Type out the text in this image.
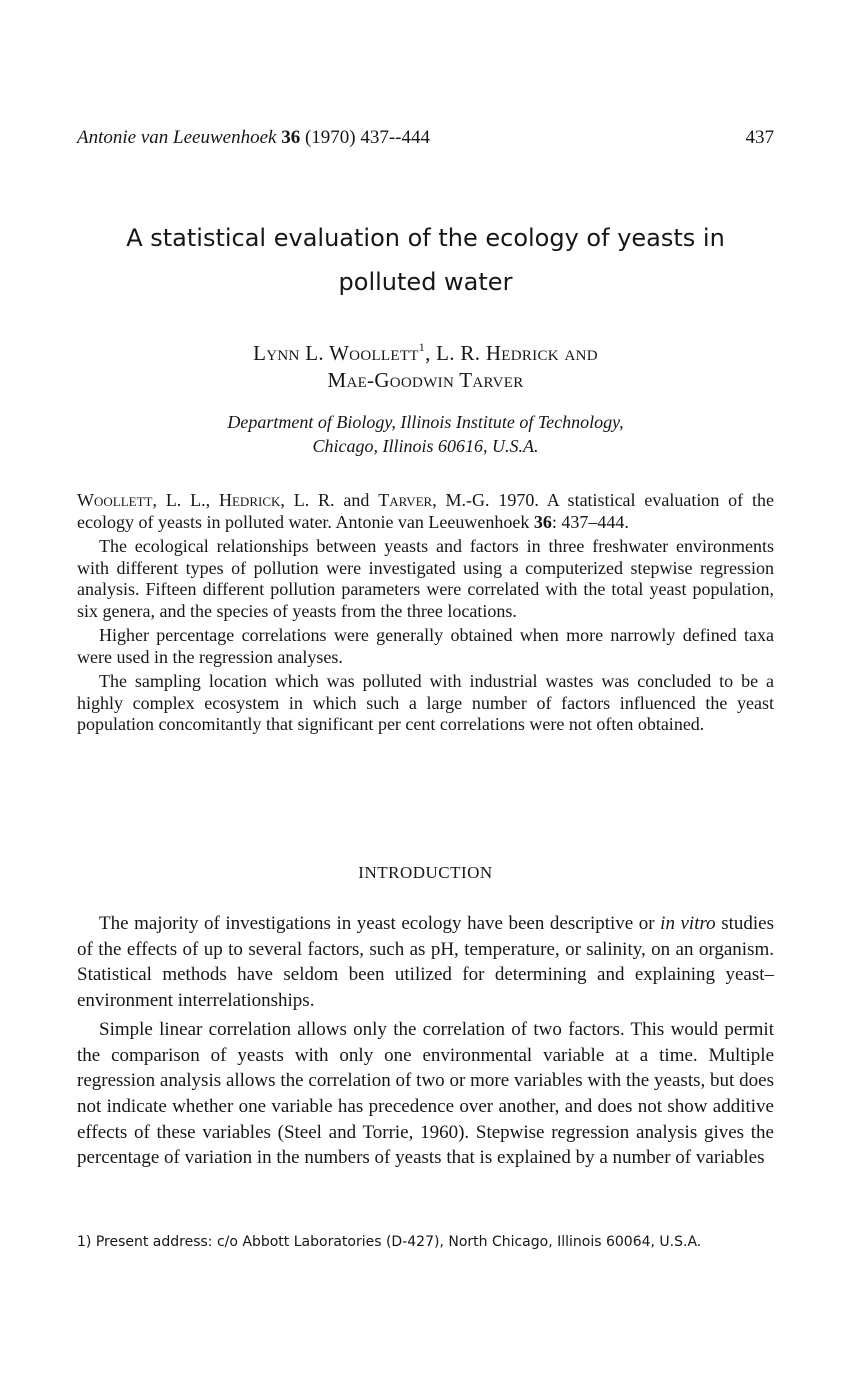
Antonie van Leeuwenhoek 36 (1970) 437--444	437
A statistical evaluation of the ecology of yeasts in
polluted water
Lynn L. Woollett$^1$, L. R. Hedrick and
Mae-Goodwin Tarver
Department of Biology, Illinois Institute of Technology,
Chicago, Illinois 60616, U.S.A.

Woollett, L. L., Hedrick, L. R. and Tarver, M.-G. 1970. A statistical evaluation of the ecology of yeasts in polluted water. Antonie van Leeuwenhoek 36: 437–444.

The ecological relationships between yeasts and factors in three freshwater environments with different types of pollution were investigated using a computerized stepwise regression analysis. Fifteen different pollution parameters were correlated with the total yeast population, six genera, and the species of yeasts from the three locations.

Higher percentage correlations were generally obtained when more narrowly defined taxa were used in the regression analyses.

The sampling location which was polluted with industrial wastes was concluded to be a highly complex ecosystem in which such a large number of factors influenced the yeast population concomitantly that significant per cent correlations were not often obtained.

INTRODUCTION

The majority of investigations in yeast ecology have been descriptive or in vitro studies of the effects of up to several factors, such as pH, temperature, or salinity, on an organism. Statistical methods have seldom been utilized for determining and explaining yeast–environment interrelationships.

Simple linear correlation allows only the correlation of two factors. This would permit the comparison of yeasts with only one environmental variable at a time. Multiple regression analysis allows the correlation of two or more variables with the yeasts, but does not indicate whether one variable has precedence over another, and does not show additive effects of these variables (Steel and Torrie, 1960). Stepwise regression analysis gives the percentage of variation in the numbers of yeasts that is explained by a number of variables

1) Present address: c/o Abbott Laboratories (D-427), North Chicago, Illinois 60064, U.S.A.
